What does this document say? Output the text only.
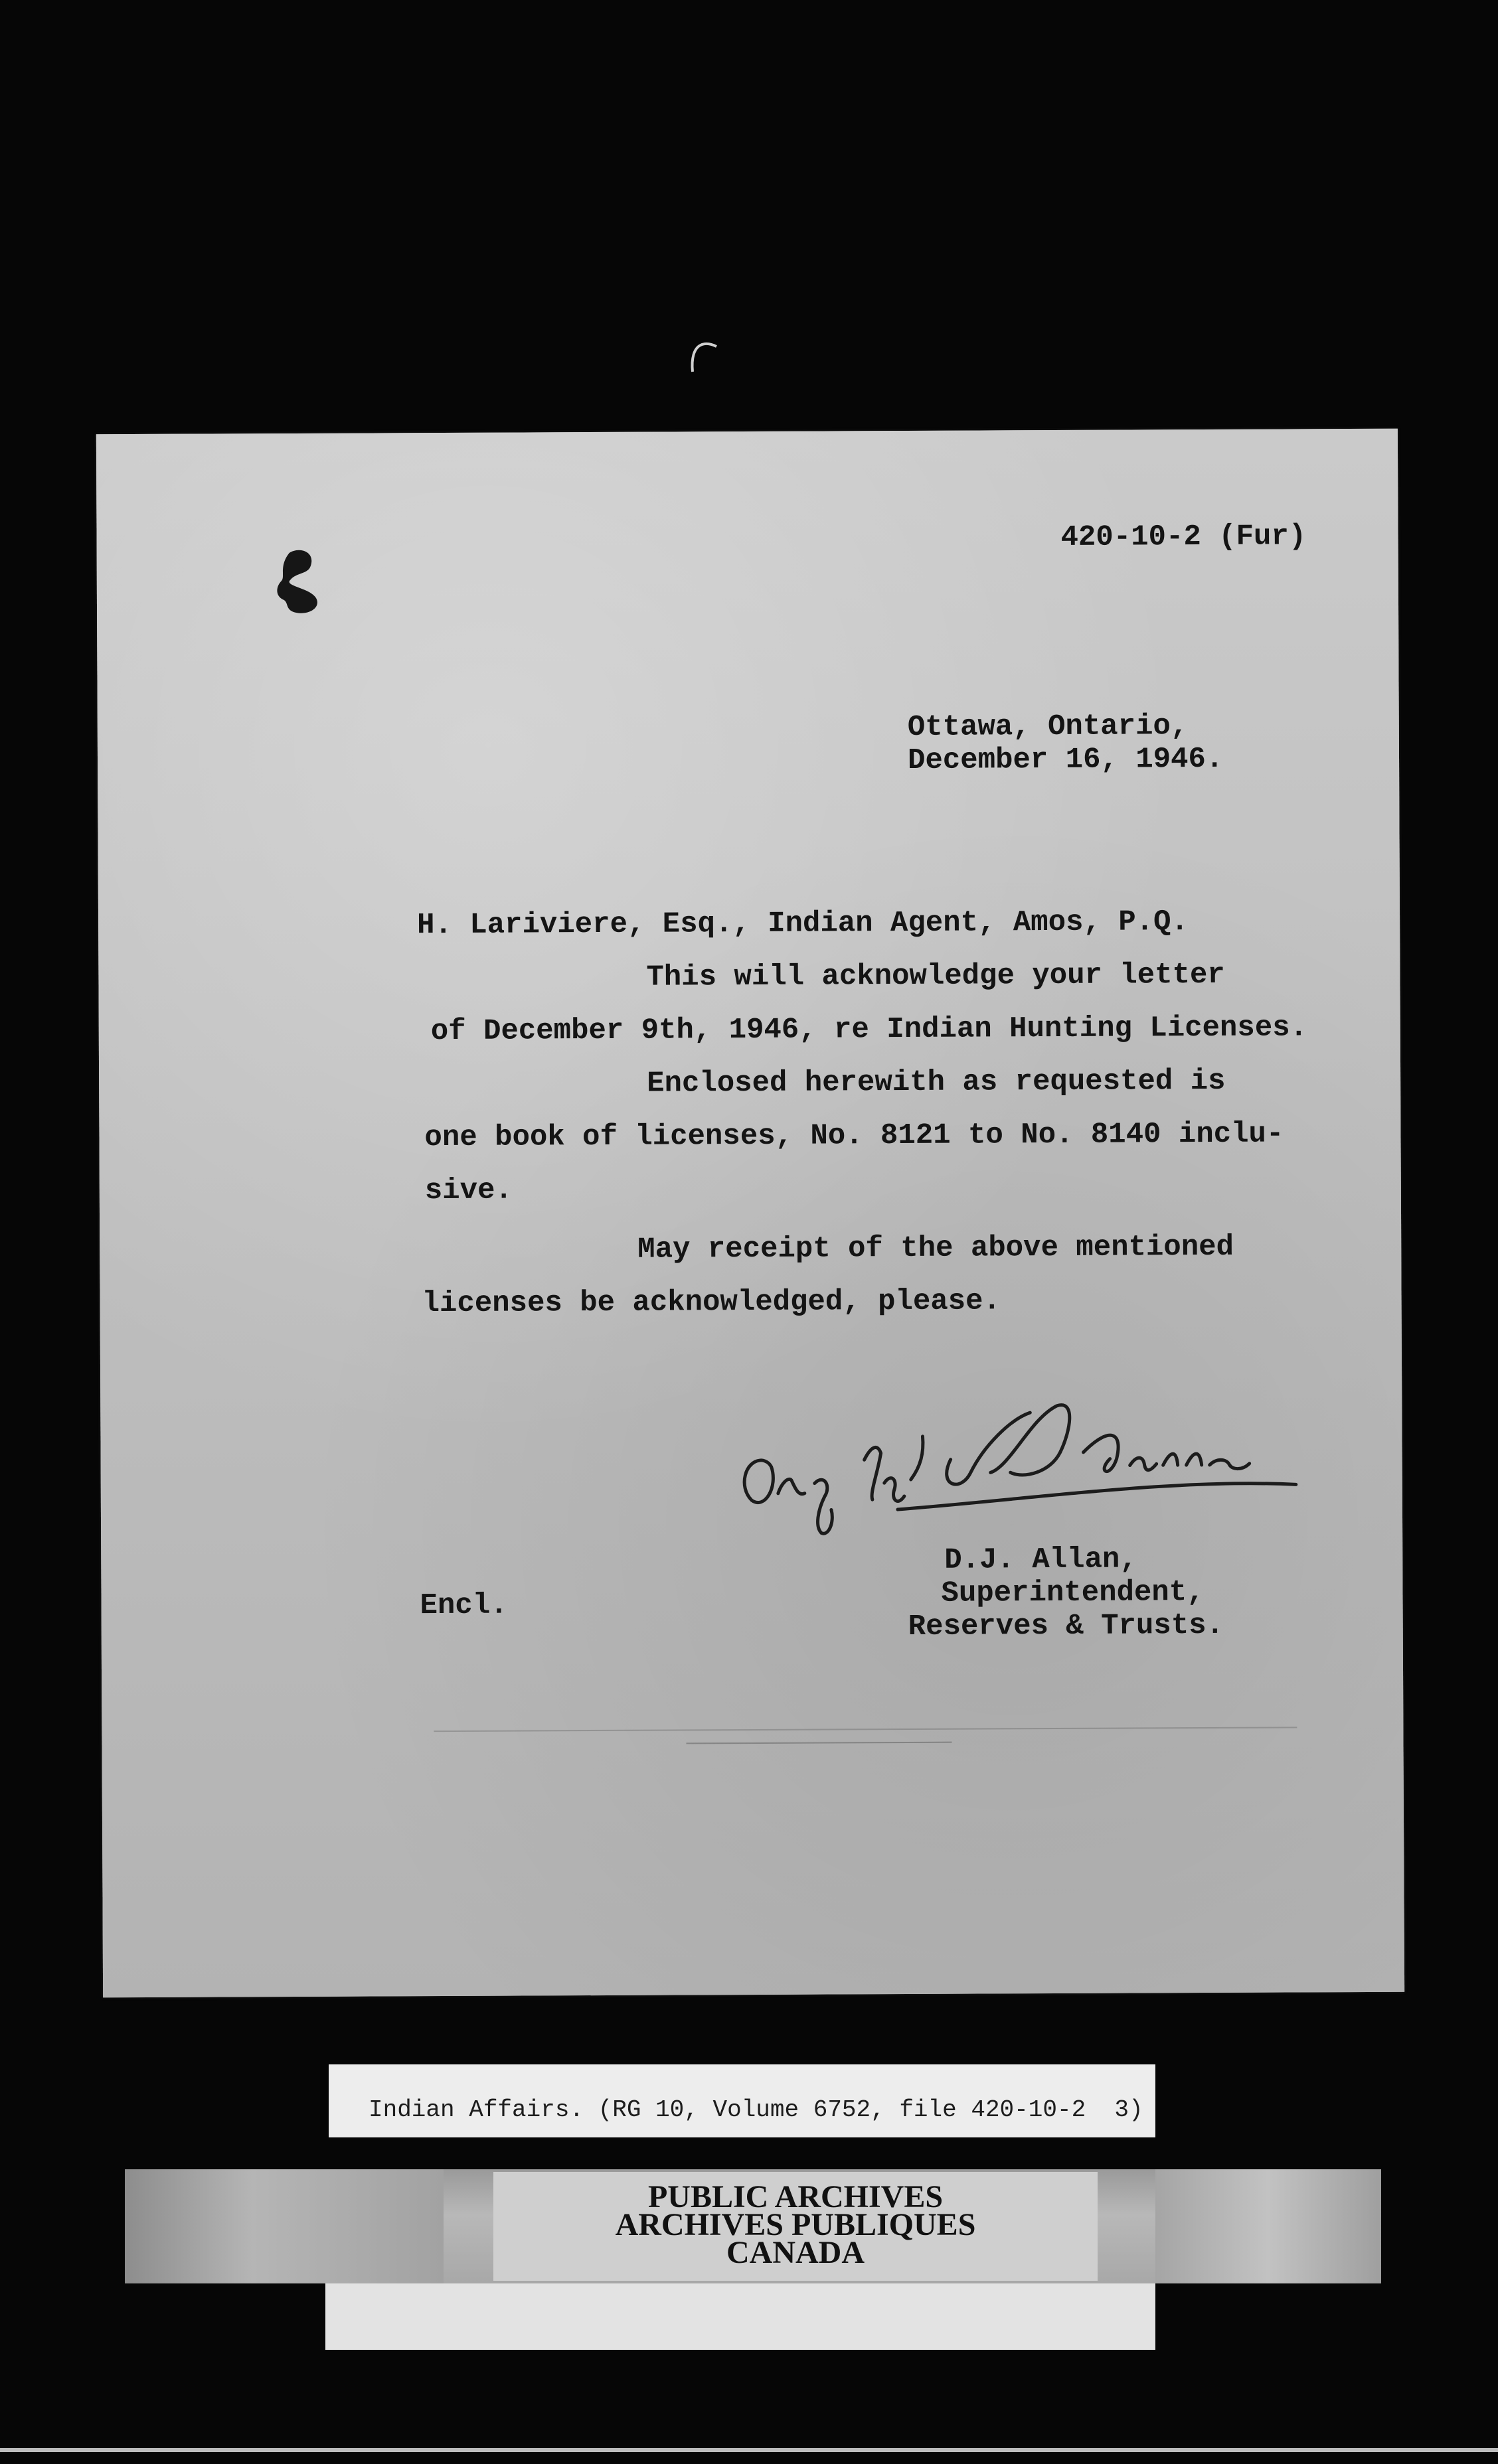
420-10-2 (Fur)
Ottawa, Ontario,
December 16, 1946.
H. Lariviere, Esq., Indian Agent, Amos, P.Q.
This will acknowledge your letter
of December 9th, 1946, re Indian Hunting Licenses.
Enclosed herewith as requested is
one book of licenses, No. 8121 to No. 8140 inclu-
sive.
May receipt of the above mentioned
licenses be acknowledged, please.
D.J. Allan,
Superintendent,
Reserves & Trusts.
Encl.
Indian Affairs. (RG 10, Volume 6752, file 420-10-2  3)
PUBLIC ARCHIVES
ARCHIVES PUBLIQUES
CANADA
